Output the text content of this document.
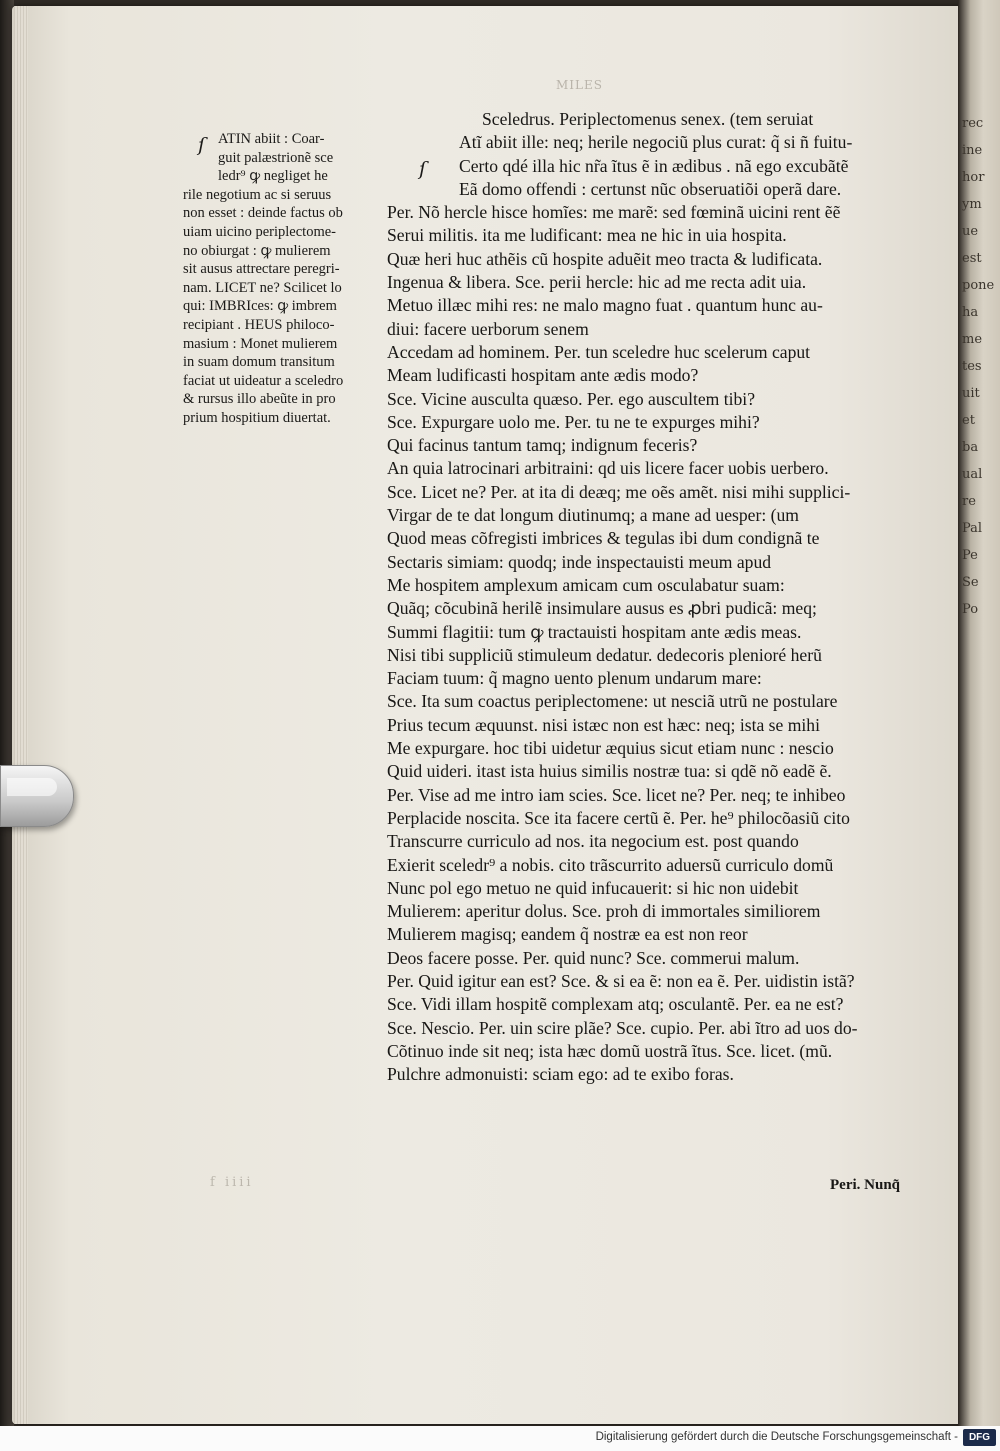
rec
ine
hor
ym
ue
est
pone
ha
me
tes
uit
et
ba
ual
re
Pal
Pe
Se
Po
MILES
ſ
ſ
ATIN abiit : Coar-
guit palæstrionẽ sce
ledr⁹ ꝙ negliget he
rile negotium ac si seruus
non esset : deinde factus ob
uiam uicino periplectome-
no obiurgat : ꝙ mulierem
sit ausus attrectare peregri-
nam. LICET ne? Scilicet lo
qui: IMBRIces: ꝙ imbrem
recipiant . HEUS philoco-
masium : Monet mulierem
in suam domum transitum
faciat ut uideatur a sceledro
& rursus illo abeũte in pro
prium hospitium diuertat.
Sceledrus. Periplectomenus senex. (tem seruiat
Atĩ abiit ille: neq; herile negociũ plus curat: q̃ si ñ fuitu-
Certo qdé illa hic nr̃a ĩtus ẽ in ædibus . nã ego excubãtẽ
Eã domo offendi : certunst nũc obseruatiõi operã dare.
Per. Nõ hercle hisce homĩes: me marẽ: sed fœminã uicini rent ẽẽ
Serui militis. ita me ludificant: mea ne hic in uia hospita.
Quæ heri huc athẽis cũ hospite aduẽit meo tracta & ludificata.
Ingenua & libera. Sce. perii hercle: hic ad me recta adit uia.
Metuo illæc mihi res: ne malo magno fuat . quantum hunc au-
diui: facere uerborum senem
Accedam ad hominem. Per. tun sceledre huc scelerum caput
Meam ludificasti hospitam ante ædis modo?
Sce. Vicine ausculta quæso. Per. ego auscultem tibi?
Sce. Expurgare uolo me. Per. tu ne te expurges mihi?
Qui facinus tantum tamq; indignum feceris?
An quia latrocinari arbitraini: qd uis licere facer uobis uerbero.
Sce. Licet ne? Per. at ita di deæq; me oẽs amẽt. nisi mihi supplici-
Virgar de te dat longum diutinumq; a mane ad uesper: (um
Quod meas cõfregisti imbrices & tegulas ibi dum condignã te
Sectaris simiam: quodq; inde inspectauisti meum apud
Me hospitem amplexum amicam cum osculabatur suam:
Quãq; cõcubinã herilẽ insimulare ausus es ꝓbri pudicã: meq;
Summi flagitii: tum ꝙ tractauisti hospitam ante ædis meas.
Nisi tibi suppliciũ stimuleum dedatur. dedecoris plenioré herũ
Faciam tuum: q̃ magno uento plenum undarum mare:
Sce. Ita sum coactus periplectomene: ut nesciã utrũ ne postulare
Prius tecum æquunst. nisi istæc non est hæc: neq; ista se mihi
Me expurgare. hoc tibi uidetur æquius sicut etiam nunc : nescio
Quid uideri. itast ista huius similis nostræ tua: si qdẽ nõ eadẽ ẽ.
Per. Vise ad me intro iam scies. Sce. licet ne? Per. neq; te inhibeo
Perplacide noscita. Sce ita facere certũ ẽ. Per. he⁹ philocõasiũ cito
Transcurre curriculo ad nos. ita negocium est. post quando
Exierit sceledr⁹ a nobis. cito trãscurrito aduersũ curriculo domũ
Nunc pol ego metuo ne quid infucauerit: si hic non uidebit
Mulierem: aperitur dolus. Sce. proh di immortales similiorem
Mulierem magisq; eandem q̃ nostræ ea est non reor
Deos facere posse. Per. quid nunc? Sce. commerui malum.
Per. Quid igitur ean est? Sce. & si ea ẽ: non ea ẽ. Per. uidistin istã?
Sce. Vidi illam hospitẽ complexam atq; osculantẽ. Per. ea ne est?
Sce. Nescio. Per. uin scire plãe? Sce. cupio. Per. abi ĩtro ad uos do-
Cõtinuo inde sit neq; ista hæc domũ uostrã ĩtus. Sce. licet. (mũ.
Pulchre admonuisti: sciam ego: ad te exibo foras.
f iiii	Peri. Nunq̃
Digitalisierung gefördert durch die Deutsche Forschungsgemeinschaft -	DFG
